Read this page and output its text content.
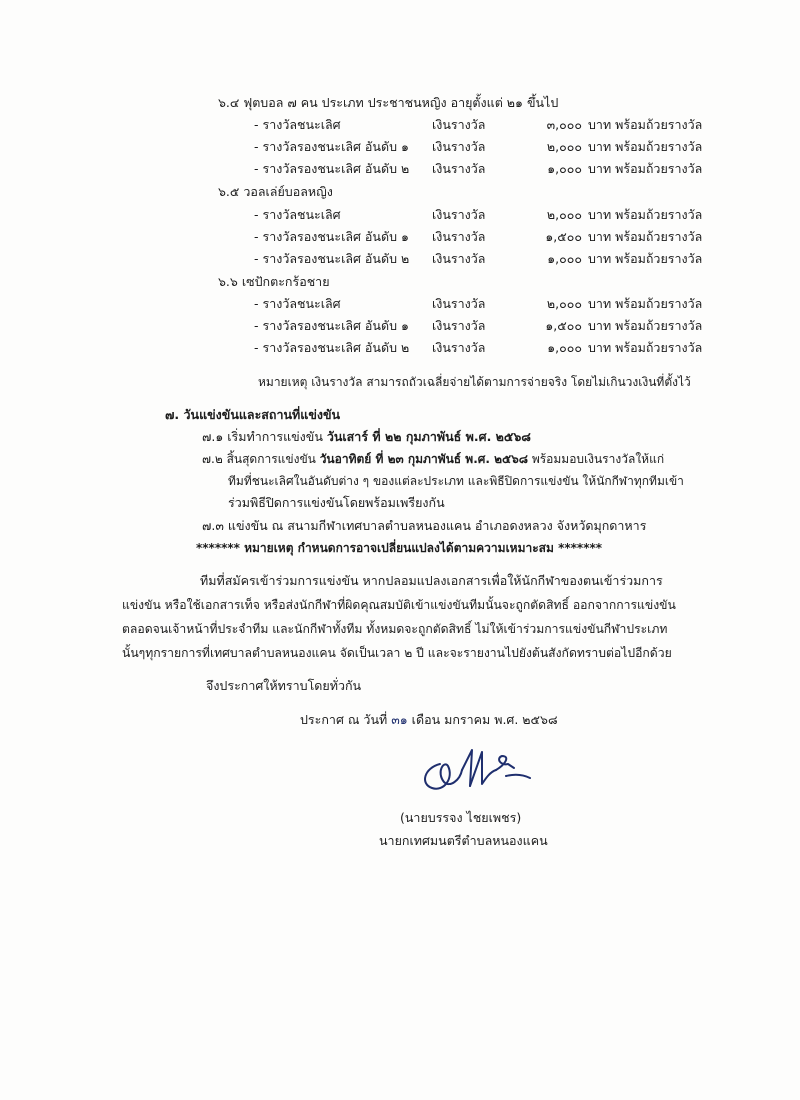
๖.๔ ฟุตบอล ๗ คน ประเภท ประชาชนหญิง อายุตั้งแต่ ๒๑ ขึ้นไป
- รางวัลชนะเลิศ	เงินรางวัล	๓,๐๐๐ บาท พร้อมถ้วยรางวัล
- รางวัลรองชนะเลิศ อันดับ ๑ เงินรางวัล	๒,๐๐๐ บาท พร้อมถ้วยรางวัล
- รางวัลรองชนะเลิศ อันดับ ๒ เงินรางวัล	๑,๐๐๐ บาท พร้อมถ้วยรางวัล
๖.๕ วอลเล่ย์บอลหญิง
- รางวัลชนะเลิศ	เงินรางวัล	๒,๐๐๐ บาท พร้อมถ้วยรางวัล
- รางวัลรองชนะเลิศ อันดับ ๑ เงินรางวัล	๑,๕๐๐ บาท พร้อมถ้วยรางวัล
- รางวัลรองชนะเลิศ อันดับ ๒ เงินรางวัล	๑,๐๐๐ บาท พร้อมถ้วยรางวัล
๖.๖ เซปักตะกร้อชาย
- รางวัลชนะเลิศ	เงินรางวัล	๒,๐๐๐ บาท พร้อมถ้วยรางวัล
- รางวัลรองชนะเลิศ อันดับ ๑ เงินรางวัล	๑,๕๐๐ บาท พร้อมถ้วยรางวัล
- รางวัลรองชนะเลิศ อันดับ ๒ เงินรางวัล	๑,๐๐๐ บาท พร้อมถ้วยรางวัล
หมายเหตุ เงินรางวัล สามารถถัวเฉลี่ยจ่ายได้ตามการจ่ายจริง โดยไม่เกินวงเงินที่ตั้งไว้
๗. วันแข่งขันและสถานที่แข่งขัน
๗.๑ เริ่มทำการแข่งขัน วันเสาร์ ที่ ๒๒ กุมภาพันธ์ พ.ศ. ๒๕๖๘
๗.๒ สิ้นสุดการแข่งขัน วันอาทิตย์ ที่ ๒๓ กุมภาพันธ์ พ.ศ. ๒๕๖๘ พร้อมมอบเงินรางวัลให้แก่
ทีมที่ชนะเลิศในอันดับต่าง ๆ ของแต่ละประเภท และพิธีปิดการแข่งขัน ให้นักกีฬาทุกทีมเข้า
ร่วมพิธีปิดการแข่งขันโดยพร้อมเพรียงกัน
๗.๓ แข่งขัน ณ สนามกีฬาเทศบาลตำบลหนองแคน อำเภอดงหลวง จังหวัดมุกดาหาร
******* หมายเหตุ กำหนดการอาจเปลี่ยนแปลงได้ตามความเหมาะสม *******
ทีมที่สมัครเข้าร่วมการแข่งขัน หากปลอมแปลงเอกสารเพื่อให้นักกีฬาของตนเข้าร่วมการ
แข่งขัน หรือใช้เอกสารเท็จ หรือส่งนักกีฬาที่ผิดคุณสมบัติเข้าแข่งขันทีมนั้นจะถูกตัดสิทธิ์ ออกจากการแข่งขัน
ตลอดจนเจ้าหน้าที่ประจำทีม และนักกีฬาทั้งทีม ทั้งหมดจะถูกตัดสิทธิ์ ไม่ให้เข้าร่วมการแข่งขันกีฬาประเภท
นั้นๆทุกรายการที่เทศบาลตำบลหนองแคน จัดเป็นเวลา ๒ ปี และจะรายงานไปยังต้นสังกัดทราบต่อไปอีกด้วย
จึงประกาศให้ทราบโดยทั่วกัน
ประกาศ ณ วันที่ ๓๑ เดือน มกราคม พ.ศ. ๒๕๖๘
(นายบรรจง ไชยเพชร)
นายกเทศมนตรีตำบลหนองแคน
